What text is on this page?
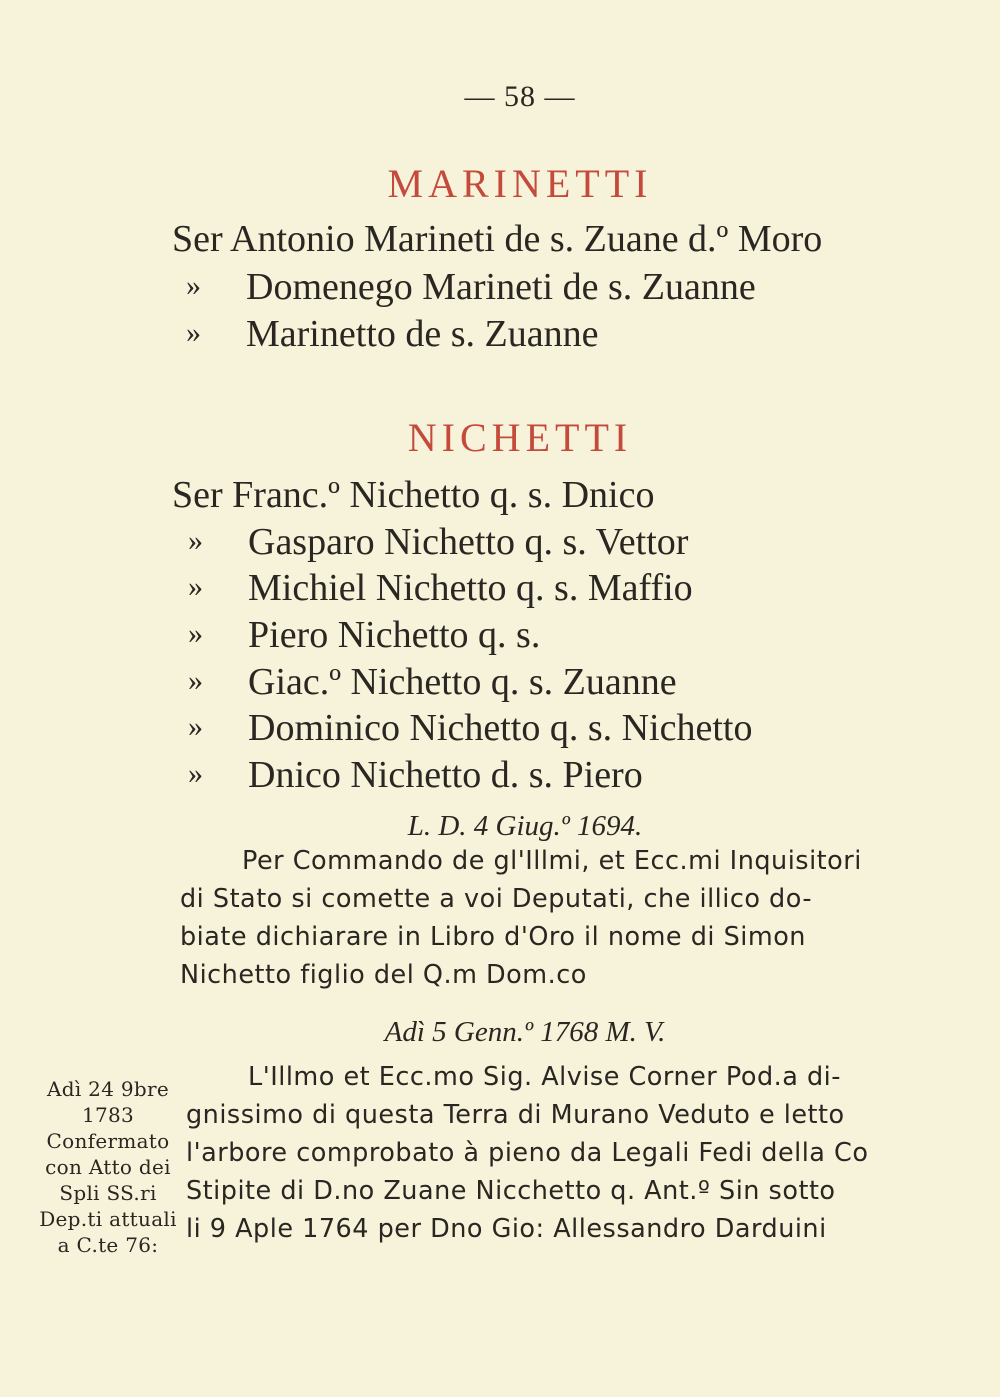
— 58 —
MARINETTI
Ser Antonio Marineti de s. Zuane d.º Moro
» Domenego Marineti de s. Zuanne
» Marinetto de s. Zuanne
NICHETTI
Ser Franc.º Nichetto q. s. Dnico
» Gasparo Nichetto q. s. Vettor
» Michiel Nichetto q. s. Maffio
» Piero Nichetto q. s.
» Giac.º Nichetto q. s. Zuanne
» Dominico Nichetto q. s. Nichetto
» Dnico Nichetto d. s. Piero
L. D. 4 Giug.º 1694.

Per Commando de gl'Illmi, et Ecc.mi Inquisitori

di Stato si comette a voi Deputati, che illico do-

biate dichiarare in Libro d'Oro il nome di Simon

Nichetto figlio del Q.m Dom.co

Adì 5 Genn.º 1768 M. V.

L'Illmo et Ecc.mo Sig. Alvise Corner Pod.a di-

gnissimo di questa Terra di Murano Veduto e letto

l'arbore comprobato à pieno da Legali Fedi della Co

Stipite di D.no Zuane Nicchetto q. Ant.º Sin sotto

li 9 Aple 1764 per Dno Gio: Allessandro Darduini

Adì 24 9bre
1783
Confermato
con Atto dei
Spli SS.ri
Dep.ti attuali
a C.te 76:
